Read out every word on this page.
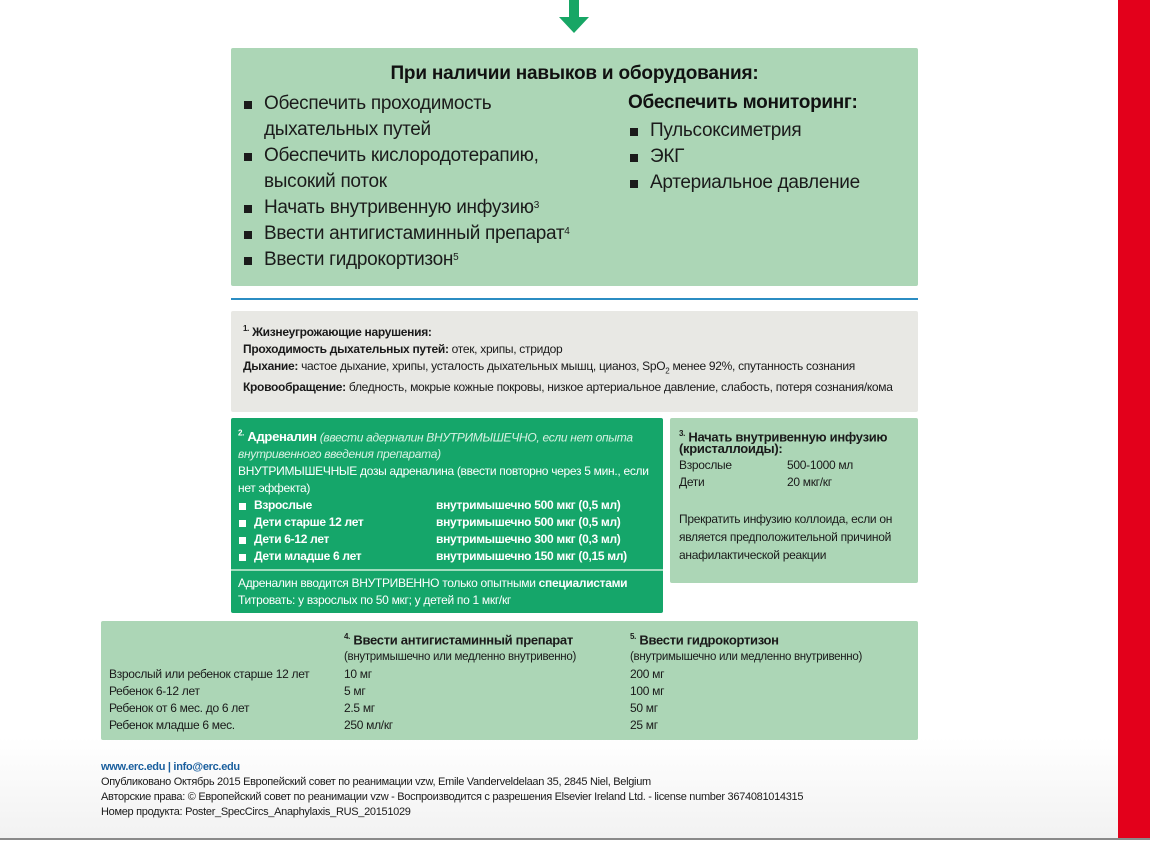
При наличии навыков и оборудования:
Обеспечить проходимость
дыхательных путей
Обеспечить кислородотерапию,
высокий поток
Начать внутривенную инфузию$^3$
Ввести антигистаминный препарат$^4$
Ввести гидрокортизон$^5$
Обеспечить мониторинг:
Пульсоксиметрия
ЭКГ
Артериальное давление
$^{1.}$ Жизнеугрожающие нарушения:
Проходимость дыхательных путей: отек, хрипы, стридор
Дыхание: частое дыхание, хрипы, усталость дыхательных мышц, цианоз, SpO$_2$ менее 92%, спутанность сознания
Кровообращение: бледность, мокрые кожные покровы, низкое артериальное давление, слабость, потеря сознания/кома
$^{2.}$ Адреналин (ввести адерналин ВНУТРИМЫШЕЧНО, если нет опыта внутривенного введения препарата)
ВНУТРИМЫШЕЧНЫЕ дозы адреналина (ввести повторно через 5 мин., если нет эффекта)
Взрослые	внутримышечно 500 мкг (0,5 мл)
Дети старше 12 лет	внутримышечно 500 мкг (0,5 мл)
Дети 6-12 лет	внутримышечно 300 мкг (0,3 мл)
Дети младше 6 лет	внутримышечно 150 мкг (0,15 мл)
Адреналин вводится ВНУТРИВЕННО только опытными специалистами
Титровать: у взрослых по 50 мкг; у детей по 1 мкг/кг
$^{3.}$ Начать внутривенную инфузию (кристаллоиды):
Взрослые	500-1000 мл
Дети	20 мкг/кг
Прекратить инфузию коллоида, если он является предположительной причиной анафилактической реакции
$^{4.}$ Ввести антигистаминный препарат
(внутримышечно или медленно внутривенно)
$^{5.}$ Ввести гидрокортизон
(внутримышечно или медленно внутривенно)
Взрослый или ребенок старше 12 лет	10 мг	200 мг
Ребенок 6-12 лет	5 мг	100 мг
Ребенок от 6 мес. до 6 лет	2.5 мг	50 мг
Ребенок младше 6 мес.	250 мл/кг	25 мг
www.erc.edu | info@erc.edu
Опубликовано Октябрь 2015 Европейский совет по реанимации vzw, Emile Vanderveldelaan 35, 2845 Niel, Belgium
Авторские права: © Европейский совет по реанимации vzw - Воспроизводится с разрешения Elsevier Ireland Ltd. - license number 3674081014315
Номер продукта: Poster_SpecCircs_Anaphylaxis_RUS_20151029
